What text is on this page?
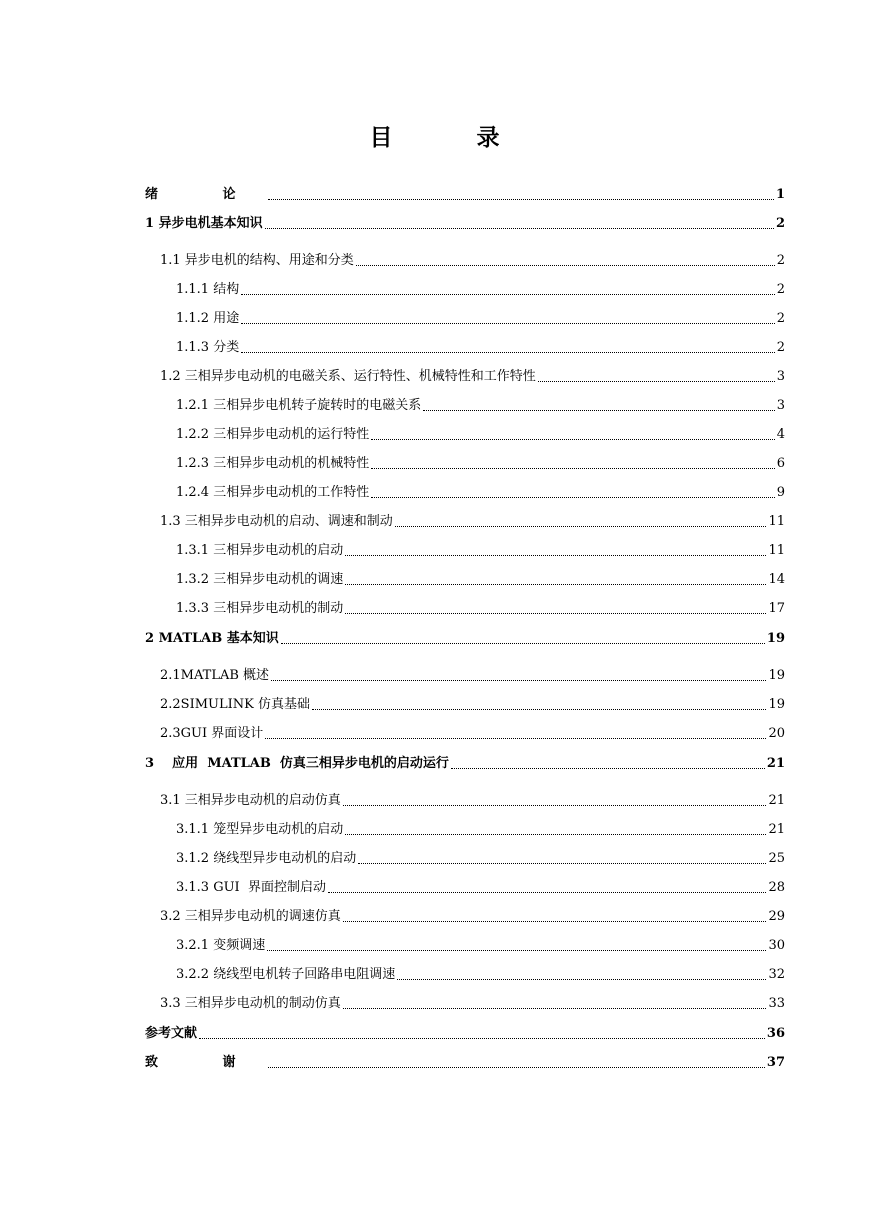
目 录
绪 论	1
1 异步电机基本知识	2
1.1 异步电机的结构、用途和分类	2
1.1.1 结构	2
1.1.2 用途	2
1.1.3 分类	2
1.2 三相异步电动机的电磁关系、运行特性、机械特性和工作特性	3
1.2.1 三相异步电机转子旋转时的电磁关系	3
1.2.2 三相异步电动机的运行特性	4
1.2.3 三相异步电动机的机械特性	6
1.2.4 三相异步电动机的工作特性	9
1.3 三相异步电动机的启动、调速和制动	11
1.3.1 三相异步电动机的启动	11
1.3.2 三相异步电动机的调速	14
1.3.3 三相异步电动机的制动	17
2 MATLAB 基本知识	19
2.1MATLAB 概述	19
2.2SIMULINK 仿真基础	19
2.3GUI 界面设计	20
3    应用  MATLAB  仿真三相异步电机的启动运行	21
3.1 三相异步电动机的启动仿真	21
3.1.1 笼型异步电动机的启动	21
3.1.2 绕线型异步电动机的启动	25
3.1.3 GUI  界面控制启动	28
3.2 三相异步电动机的调速仿真	29
3.2.1 变频调速	30
3.2.2 绕线型电机转子回路串电阻调速	32
3.3 三相异步电动机的制动仿真	33
参考文献	36
致 谢	37
